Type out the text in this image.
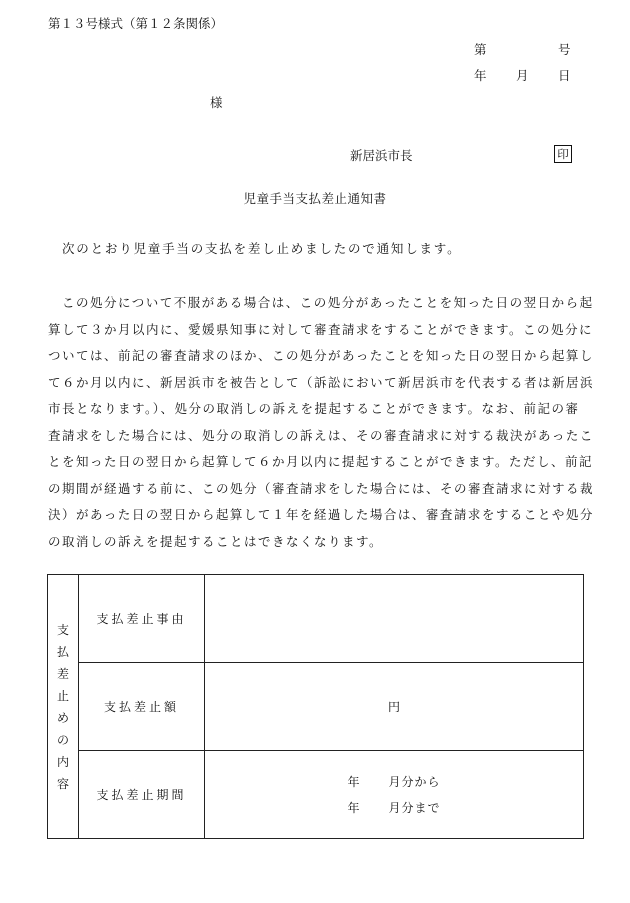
第１３号様式（第１２条関係）
第	号
年 月 日
様
新居浜市長	印
児童手当支払差止通知書
次のとおり児童手当の支払を差し止めましたので通知します。
この処分について不服がある場合は、この処分があったことを知った日の翌日から起
算して３か月以内に、愛媛県知事に対して審査請求をすることができます。この処分に
ついては、前記の審査請求のほか、この処分があったことを知った日の翌日から起算し
て６か月以内に、新居浜市を被告として（訴訟において新居浜市を代表する者は新居浜
市長となります。）、処分の取消しの訴えを提起することができます。なお、前記の審
査請求をした場合には、処分の取消しの訴えは、その審査請求に対する裁決があったこ
とを知った日の翌日から起算して６か月以内に提起することができます。ただし、前記
の期間が経過する前に、この処分（審査請求をした場合には、その審査請求に対する裁
決）があった日の翌日から起算して１年を経過した場合は、審査請求をすることや処分
の取消しの訴えを提起することはできなくなります。
支払差止めの内容	支払差止事由	
	支払差止額	円
	支払差止期間	年 月分から
年 月分まで
